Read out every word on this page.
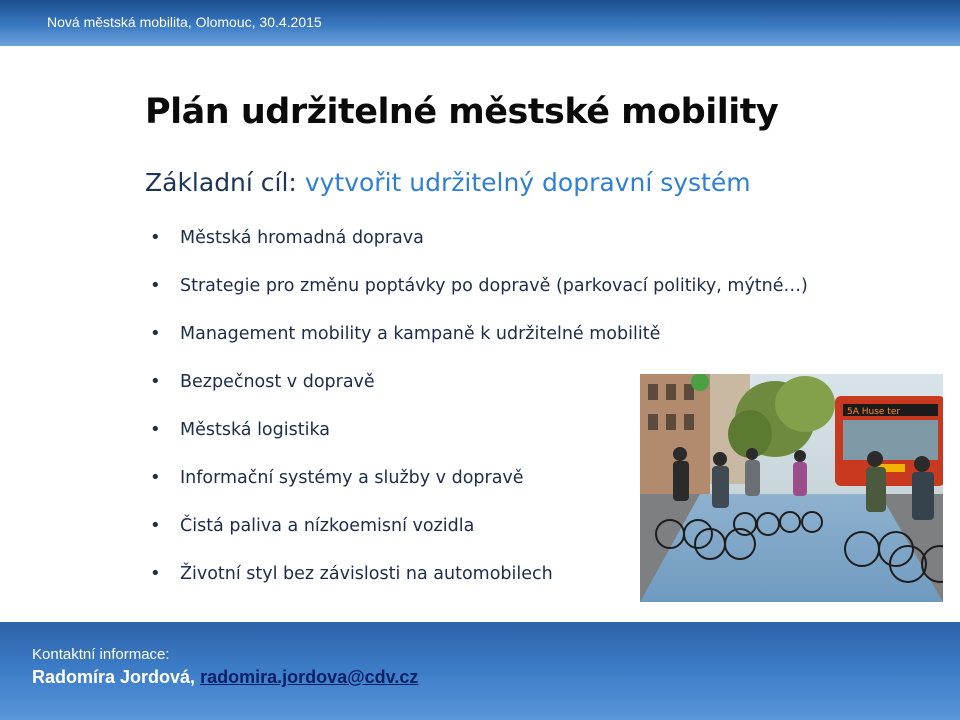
Nová městská mobilita, Olomouc, 30.4.2015
Plán udržitelné městské mobility
Základní cíl: vytvořit udržitelný dopravní systém
• Městská hromadná doprava
• Strategie pro změnu poptávky po dopravě (parkovací politiky, mýtné…)
• Management mobility a kampaně k udržitelné mobilitě
• Bezpečnost v dopravě
• Městská logistika
• Informační systémy a služby v dopravě
• Čistá paliva a nízkoemisní vozidla
• Životní styl bez závislosti na automobilech
5A Huse ter
Kontaktní informace:
Radomíra Jordová, radomira.jordova@cdv.cz
